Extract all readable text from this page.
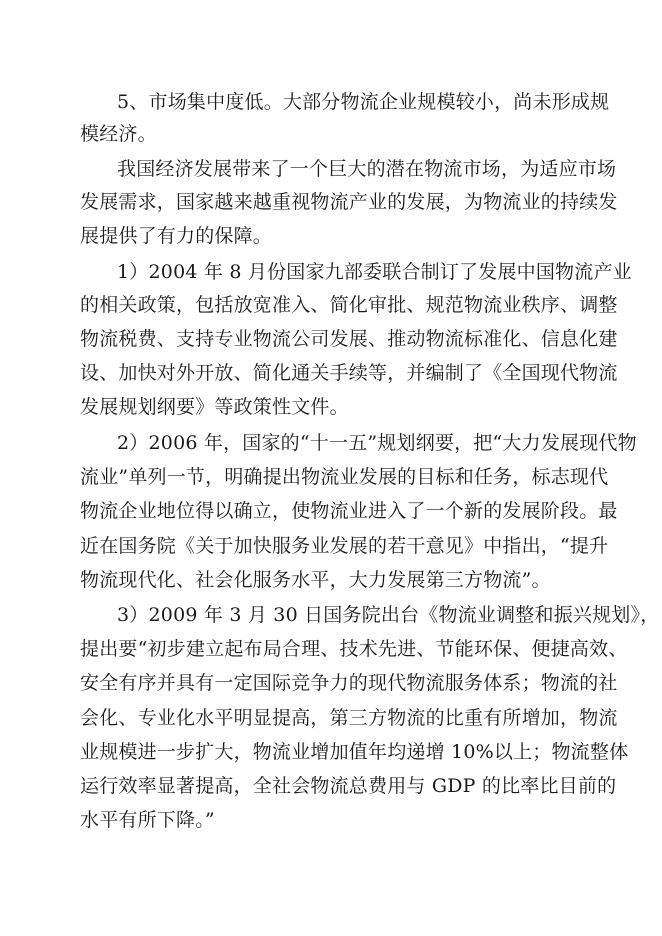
5、市场集中度低。大部分物流企业规模较小，尚未形成规
模经济。
我国经济发展带来了一个巨大的潜在物流市场，为适应市场
发展需求，国家越来越重视物流产业的发展，为物流业的持续发
展提供了有力的保障。
1）2004 年 8 月份国家九部委联合制订了发展中国物流产业
的相关政策，包括放宽准入、简化审批、规范物流业秩序、调整
物流税费、支持专业物流公司发展、推动物流标准化、信息化建
设、加快对外开放、简化通关手续等，并编制了《全国现代物流
发展规划纲要》等政策性文件。
2）2006 年，国家的“十一五”规划纲要，把“大力发展现代物
流业”单列一节，明确提出物流业发展的目标和任务，标志现代
物流企业地位得以确立，使物流业进入了一个新的发展阶段。最
近在国务院《关于加快服务业发展的若干意见》中指出，“提升
物流现代化、社会化服务水平，大力发展第三方物流”。
3）2009 年 3 月 30 日国务院出台《物流业调整和振兴规划》，
提出要“初步建立起布局合理、技术先进、节能环保、便捷高效、
安全有序并具有一定国际竞争力的现代物流服务体系；物流的社
会化、专业化水平明显提高，第三方物流的比重有所增加，物流
业规模进一步扩大，物流业增加值年均递增 10%以上；物流整体
运行效率显著提高，全社会物流总费用与 GDP 的比率比目前的
水平有所下降。”
